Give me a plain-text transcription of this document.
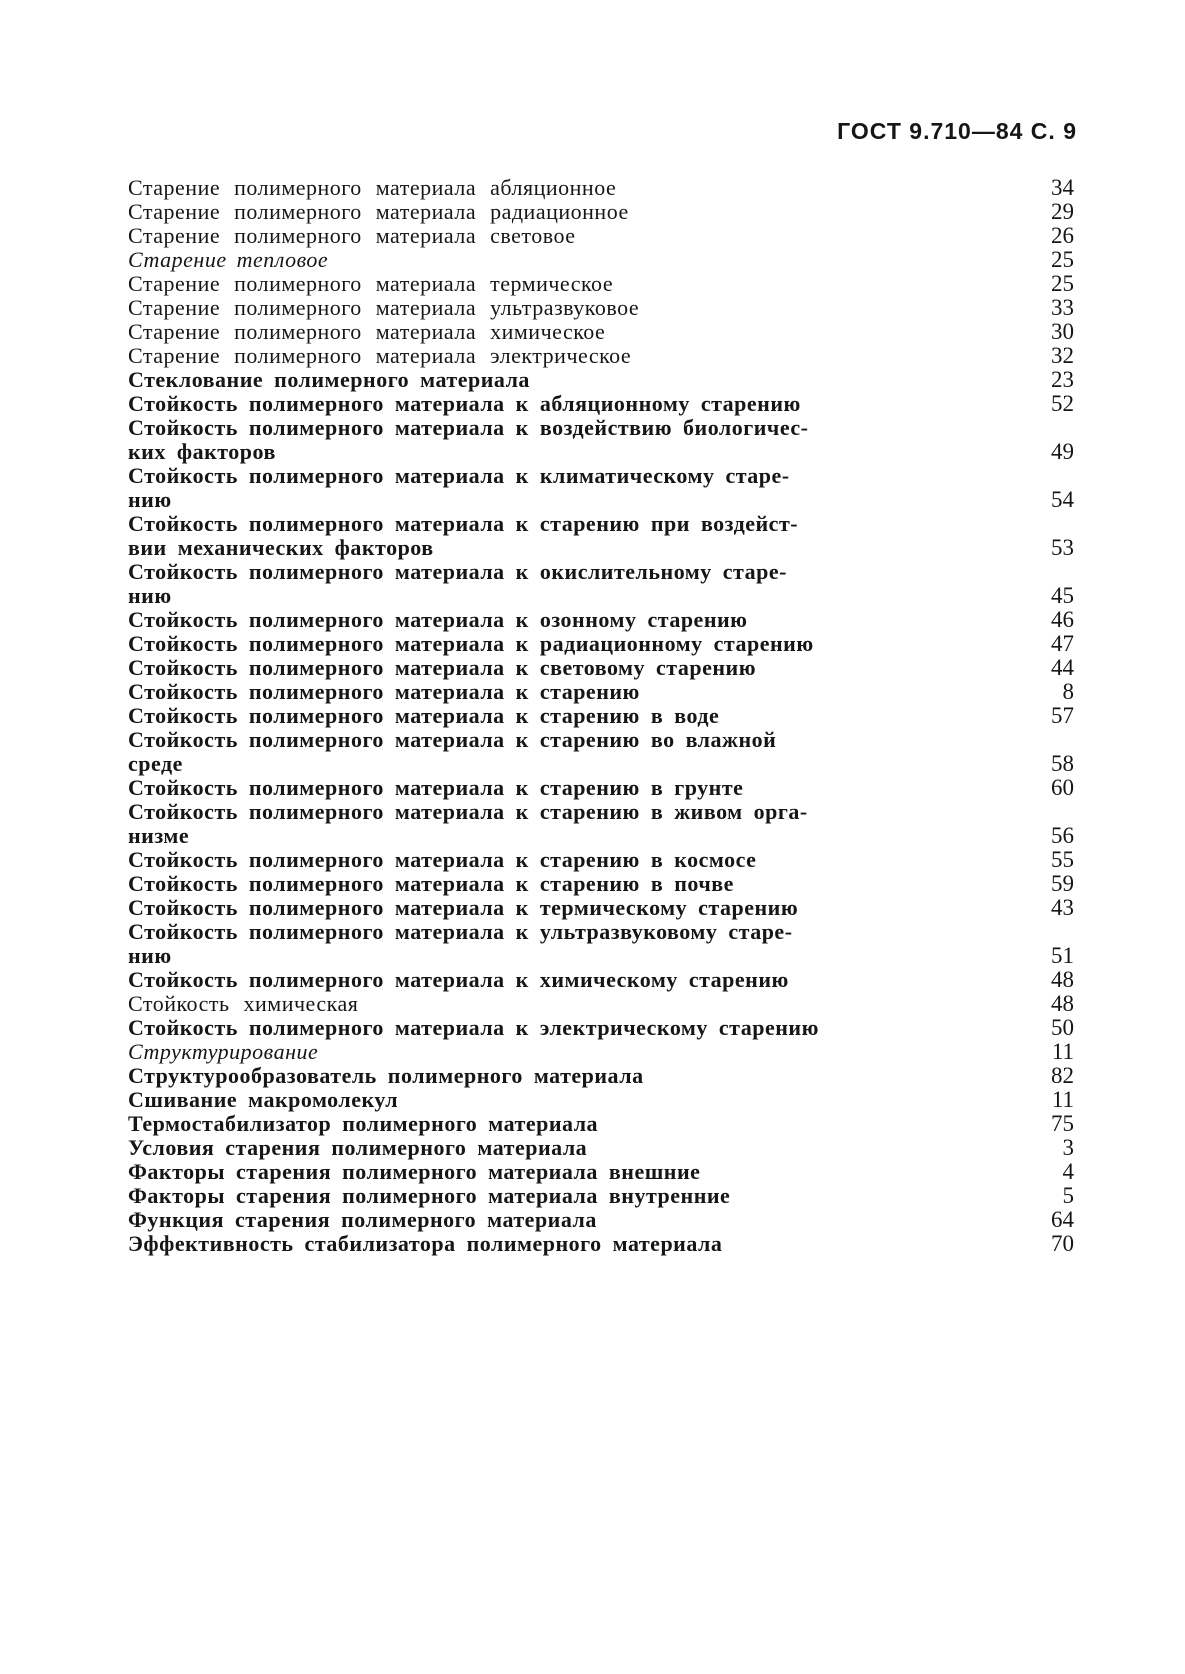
ГОСТ 9.710—84 С. 9
Старение полимерного материала абляционное	34
Старение полимерного материала радиационное	29
Старение полимерного материала световое	26
Старение тепловое	25
Старение полимерного материала термическое	25
Старение полимерного материала ультразвуковое	33
Старение полимерного материала химическое	30
Старение полимерного материала электрическое	32
Стеклование полимерного материала	23
Стойкость полимерного материала к абляционному старению	52
Стойкость полимерного материала к воздействию биологичес-
ких факторов	49
Стойкость полимерного материала к климатическому старе-
нию	54
Стойкость полимерного материала к старению при воздейст-
вии механических факторов	53
Стойкость полимерного материала к окислительному старе-
нию	45
Стойкость полимерного материала к озонному старению	46
Стойкость полимерного материала к радиационному старению	47
Стойкость полимерного материала к световому старению	44
Стойкость полимерного материала к старению	8
Стойкость полимерного материала к старению в воде	57
Стойкость полимерного материала к старению во влажной
среде	58
Стойкость полимерного материала к старению в грунте	60
Стойкость полимерного материала к старению в живом орга-
низме	56
Стойкость полимерного материала к старению в космосе	55
Стойкость полимерного материала к старению в почве	59
Стойкость полимерного материала к термическому старению	43
Стойкость полимерного материала к ультразвуковому старе-
нию	51
Стойкость полимерного материала к химическому старению	48
Стойкость химическая	48
Стойкость полимерного материала к электрическому старению	50
Структурирование	11
Структурообразователь полимерного материала	82
Сшивание макромолекул	11
Термостабилизатор полимерного материала	75
Условия старения полимерного материала	3
Факторы старения полимерного материала внешние	4
Факторы старения полимерного материала внутренние	5
Функция старения полимерного материала	64
Эффективность стабилизатора полимерного материала	70
